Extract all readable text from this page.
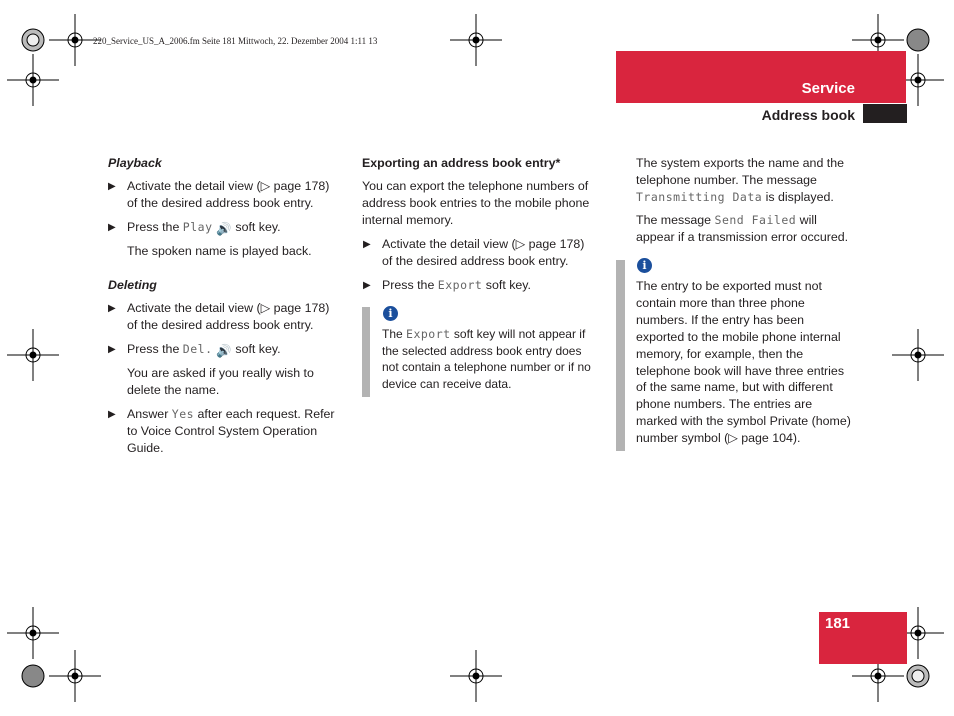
220_Service_US_A_2006.fm Seite 181 Mittwoch, 22. Dezember 2004 1:11 13
Service
Address book
181
Playback
▶ Activate the detail view (▷ page 178)
of the desired address book entry.
▶ Press the Play 🔊 soft key.
The spoken name is played back.
Deleting
▶ Activate the detail view (▷ page 178)
of the desired address book entry.
▶ Press the Del. 🔊 soft key.
You are asked if you really wish to
delete the name.
▶ Answer Yes after each request. Refer
to Voice Control System Operation
Guide.
Exporting an address book entry*
You can export the telephone numbers of
address book entries to the mobile phone
internal memory.
▶ Activate the detail view (▷ page 178)
of the desired address book entry.
▶ Press the Export soft key.
i
The Export soft key will not appear if
the selected address book entry does
not contain a telephone number or if no
device can receive data.
The system exports the name and the
telephone number. The message
Transmitting Data is displayed.
The message Send Failed will
appear if a transmission error occured.
i
The entry to be exported must not
contain more than three phone
numbers. If the entry has been
exported to the mobile phone internal
memory, for example, then the
telephone book will have three entries
of the same name, but with different
phone numbers. The entries are
marked with the symbol Private (home)
number symbol (▷ page 104).
